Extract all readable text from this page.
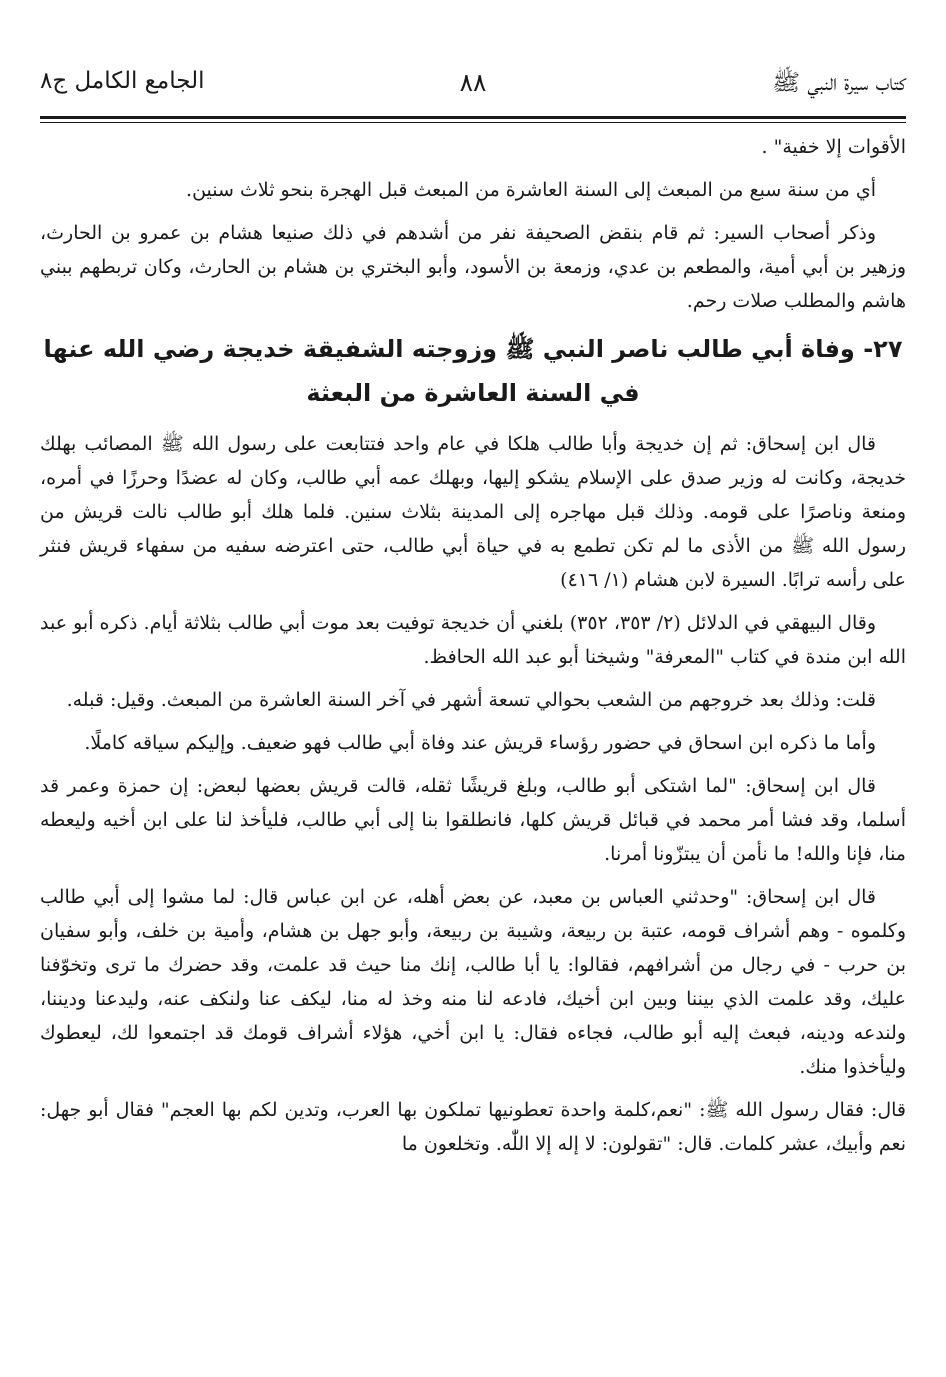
كتاب سيرة النبي ﷺ
٨٨
الجامع الكامل ج٨

الأقوات إلا خفية" .

أي من سنة سبع من المبعث إلى السنة العاشرة من المبعث قبل الهجرة بنحو ثلاث سنين.

وذكر أصحاب السير: ثم قام بنقض الصحيفة نفر من أشدهم في ذلك صنيعا هشام بن عمرو بن الحارث، وزهير بن أبي أمية، والمطعم بن عدي، وزمعة بن الأسود، وأبو البختري بن هشام بن الحارث، وكان تربطهم ببني هاشم والمطلب صلات رحم.

٢٧- وفاة أبي طالب ناصر النبي ﷺ وزوجته الشفيقة خديجة رضي الله عنها في السنة العاشرة من البعثة

قال ابن إسحاق: ثم إن خديجة وأبا طالب هلكا في عام واحد فتتابعت على رسول الله ﷺ المصائب بهلك خديجة، وكانت له وزير صدق على الإسلام يشكو إليها، وبهلك عمه أبي طالب، وكان له عضدًا وحرزًا في أمره، ومنعة وناصرًا على قومه. وذلك قبل مهاجره إلى المدينة بثلاث سنين. فلما هلك أبو طالب نالت قريش من رسول الله ﷺ من الأذى ما لم تكن تطمع به في حياة أبي طالب، حتى اعترضه سفيه من سفهاء قريش فنثر على رأسه ترابًا. السيرة لابن هشام (١/ ٤١٦)

وقال البيهقي في الدلائل (٢/ ٣٥٣، ٣٥٢) بلغني أن خديجة توفيت بعد موت أبي طالب بثلاثة أيام. ذكره أبو عبد الله ابن مندة في كتاب "المعرفة" وشيخنا أبو عبد الله الحافظ.

قلت: وذلك بعد خروجهم من الشعب بحوالي تسعة أشهر في آخر السنة العاشرة من المبعث. وقيل: قبله.

وأما ما ذكره ابن اسحاق في حضور رؤساء قريش عند وفاة أبي طالب فهو ضعيف. وإليكم سياقه كاملًا.

قال ابن إسحاق: "لما اشتكى أبو طالب، وبلغ قريشًا ثقله، قالت قريش بعضها لبعض: إن حمزة وعمر قد أسلما، وقد فشا أمر محمد في قبائل قريش كلها، فانطلقوا بنا إلى أبي طالب، فليأخذ لنا على ابن أخيه وليعطه منا، فإنا والله! ما نأمن أن يبتزّونا أمرنا.

قال ابن إسحاق: "وحدثني العباس بن معبد، عن بعض أهله، عن ابن عباس قال: لما مشوا إلى أبي طالب وكلموه - وهم أشراف قومه، عتبة بن ربيعة، وشيبة بن ربيعة، وأبو جهل بن هشام، وأمية بن خلف، وأبو سفيان بن حرب - في رجال من أشرافهم، فقالوا: يا أبا طالب، إنك منا حيث قد علمت، وقد حضرك ما ترى وتخوّفنا عليك، وقد علمت الذي بيننا وبين ابن أخيك، فادعه لنا منه وخذ له منا، ليكف عنا ولنكف عنه، وليدعنا وديننا، ولندعه ودينه، فبعث إليه أبو طالب، فجاءه فقال: يا ابن أخي، هؤلاء أشراف قومك قد اجتمعوا لك، ليعطوك وليأخذوا منك.

قال: فقال رسول الله ﷺ: "نعم،كلمة واحدة تعطونيها تملكون بها العرب، وتدين لكم بها العجم" فقال أبو جهل: نعم وأبيك، عشر كلمات. قال: "تقولون: لا إله إلا اللّٰه. وتخلعون ما
